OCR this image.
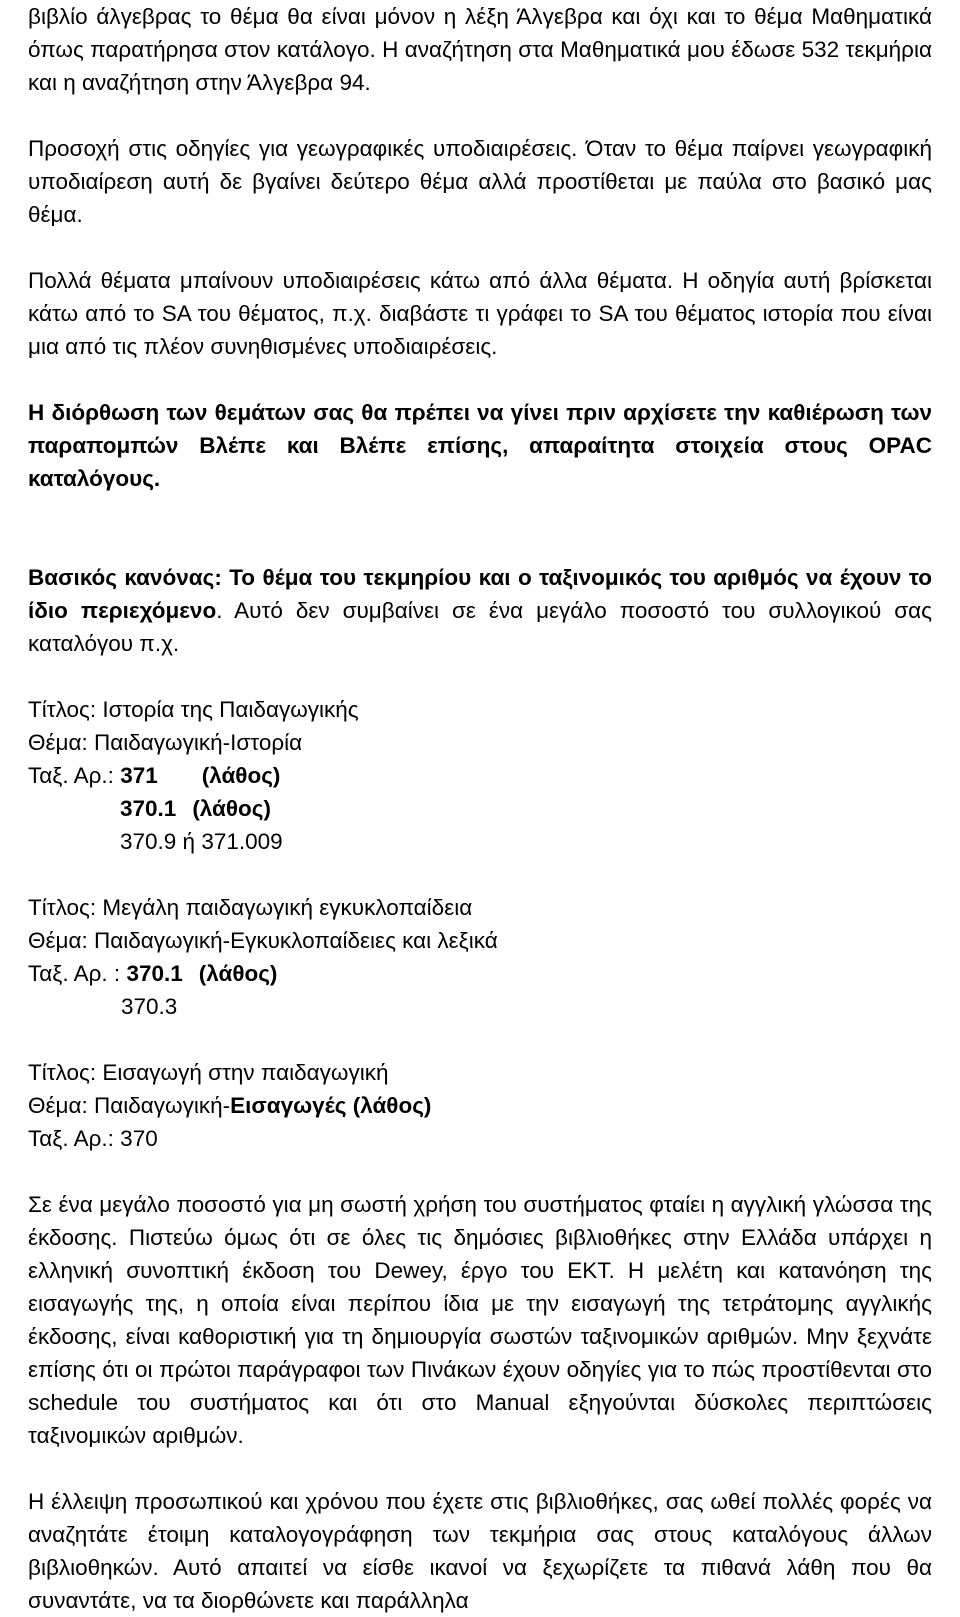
βιβλίο άλγεβρας το θέμα θα είναι μόνον η λέξη Άλγεβρα και όχι και το θέμα Μαθηματικά όπως παρατήρησα στον κατάλογο. Η αναζήτηση στα Μαθηματικά μου έδωσε 532 τεκμήρια και η αναζήτηση στην Άλγεβρα 94.

Προσοχή στις οδηγίες για γεωγραφικές υποδιαιρέσεις. Όταν το θέμα παίρνει γεωγραφική υποδιαίρεση αυτή δε βγαίνει δεύτερο θέμα αλλά προστίθεται με παύλα στο βασικό μας θέμα.

Πολλά θέματα μπαίνουν υποδιαιρέσεις κάτω από άλλα θέματα. Η οδηγία αυτή βρίσκεται κάτω από το SA του θέματος, π.χ. διαβάστε τι γράφει το SA του θέματος ιστορία που είναι μια από τις πλέον συνηθισμένες υποδιαιρέσεις.

Η διόρθωση των θεμάτων σας θα πρέπει να γίνει πριν αρχίσετε την καθιέρωση των παραπομπών Βλέπε και Βλέπε επίσης, απαραίτητα στοιχεία στους OPAC καταλόγους.

Βασικός κανόνας: Το θέμα του τεκμηρίου και ο ταξινομικός του αριθμός να έχουν το ίδιο περιεχόμενο. Αυτό δεν συμβαίνει σε ένα μεγάλο ποσοστό του συλλογικού σας καταλόγου π.χ.

Τίτλος: Ιστορία της Παιδαγωγικής

Θέμα: Παιδαγωγική-Ιστορία

Ταξ. Αρ.: 371 (λάθος)

370.1 (λάθος)

370.9 ή 371.009

Τίτλος: Μεγάλη παιδαγωγική εγκυκλοπαίδεια

Θέμα: Παιδαγωγική-Εγκυκλοπαίδειες και λεξικά

Ταξ. Αρ. : 370.1 (λάθος)

370.3

Τίτλος: Εισαγωγή στην παιδαγωγική

Θέμα: Παιδαγωγική-Εισαγωγές (λάθος)

Ταξ. Αρ.: 370

Σε ένα μεγάλο ποσοστό για μη σωστή χρήση του συστήματος φταίει η αγγλική γλώσσα της έκδοσης. Πιστεύω όμως ότι σε όλες τις δημόσιες βιβλιοθήκες στην Ελλάδα υπάρχει η ελληνική συνοπτική έκδοση του Dewey, έργο του ΕΚΤ. Η μελέτη και κατανόηση της εισαγωγής της, η οποία είναι περίπου ίδια με την εισαγωγή της τετράτομης αγγλικής έκδοσης, είναι καθοριστική για τη δημιουργία σωστών ταξινομικών αριθμών. Μην ξεχνάτε επίσης ότι οι πρώτοι παράγραφοι των Πινάκων έχουν οδηγίες για το πώς προστίθενται στο schedule του συστήματος και ότι στο Manual εξηγούνται δύσκολες περιπτώσεις ταξινομικών αριθμών.

Η έλλειψη προσωπικού και χρόνου που έχετε στις βιβλιοθήκες, σας ωθεί πολλές φορές να αναζητάτε έτοιμη καταλογογράφηση των τεκμήρια σας στους καταλόγους άλλων βιβλιοθηκών. Αυτό απαιτεί να είσθε ικανοί να ξεχωρίζετε τα πιθανά λάθη που θα συναντάτε, να τα διορθώνετε και παράλληλα
